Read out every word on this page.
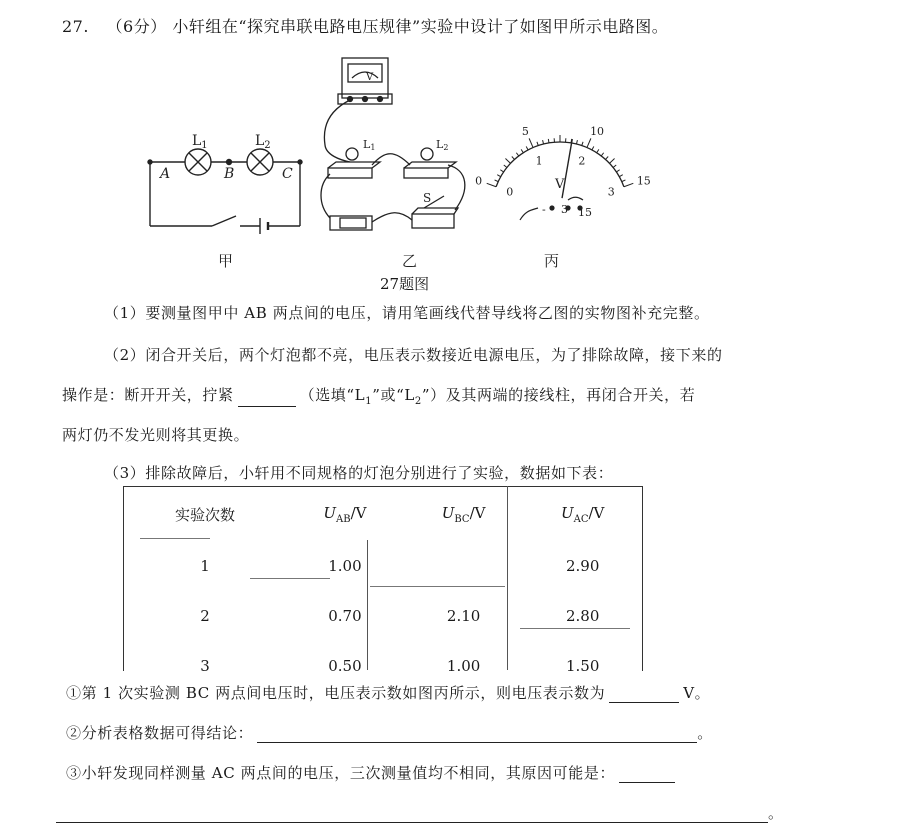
27. （6分） 小轩组在“探究串联电路电压规律”实验中设计了如图甲所示电路图。
$L_1$	$L_2$
A	B	C
甲
V
L1	L2
S
乙
0
5	10
15
0
1	2
3
V
- 3 15
丙
27题图
（1）要测量图甲中 AB 两点间的电压，请用笔画线代替导线将乙图的实物图补充完整。
（2）闭合开关后，两个灯泡都不亮，电压表示数接近电源电压，为了排除故障，接下来的
操作是：断开开关，拧紧	（选填“$L_1$”或“$L_2$”）及其两端的接线柱，再闭合开关，若
两灯仍不发光则将其更换。
（3）排除故障后，小轩用不同规格的灯泡分别进行了实验，数据如下表：
实验次数	$U_{AB}/V$	$U_{BC}/V$	$U_{AC}/V$
1	1.00		2.90
2	0.70	2.10	2.80
3	0.50	1.00	1.50
①第 1 次实验测 BC 两点间电压时，电压表示数如图丙所示，则电压表示数为	V。
②分析表格数据可得结论：	。
③小轩发现同样测量 AC 两点间的电压，三次测量值均不相同，其原因可能是：
。
